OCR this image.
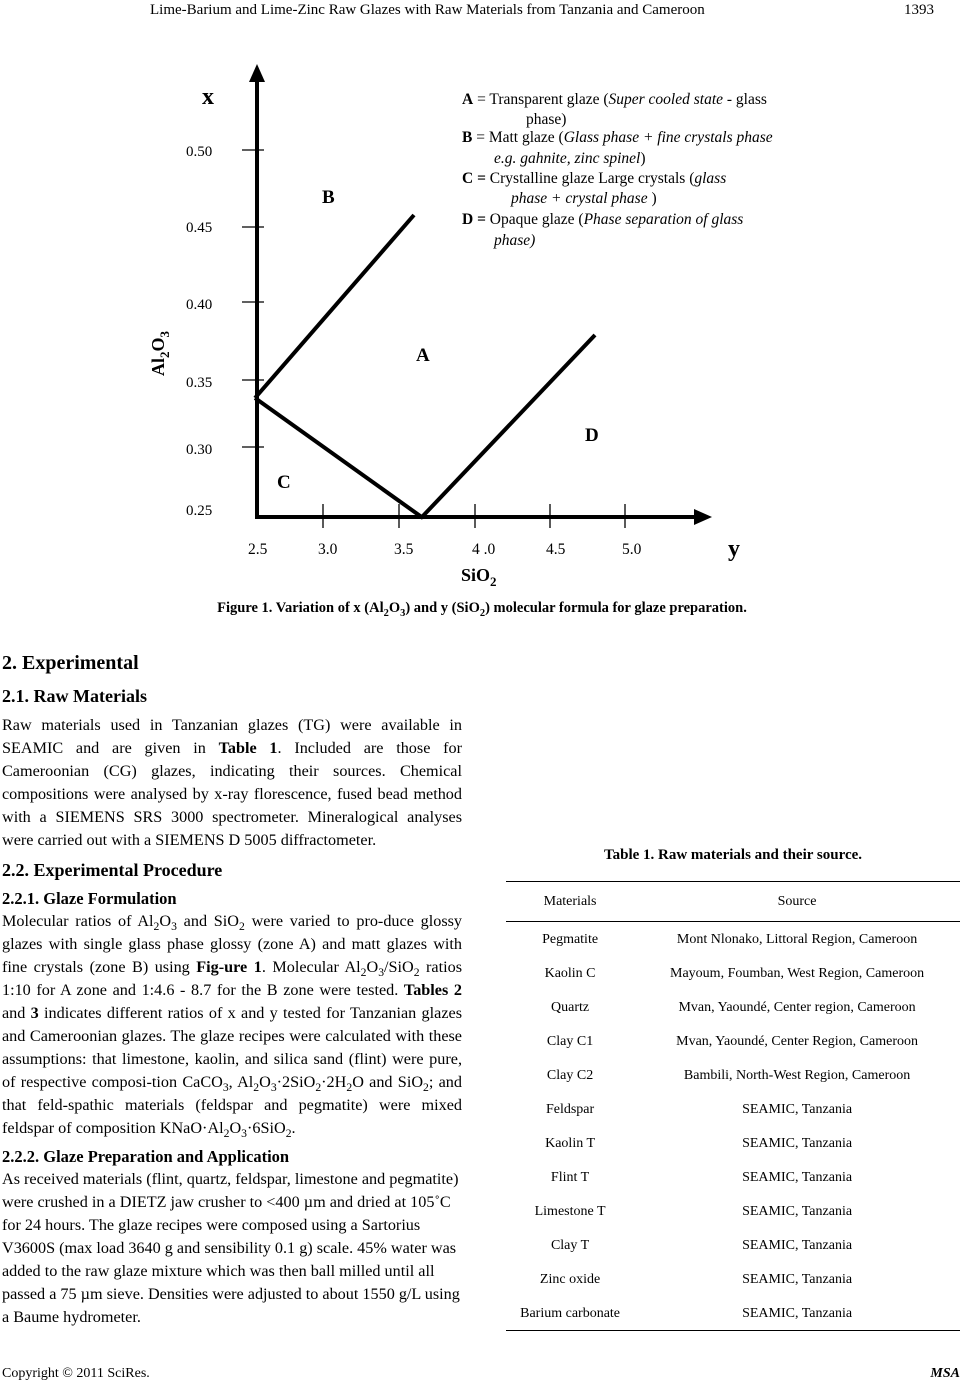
Lime-Barium and Lime-Zinc Raw Glazes with Raw Materials from Tanzania and Cameroon	1393
0.50
0.45
0.40
0.35
0.30
0.25
2.5	3.0	3.5	4 .0	4.5	5.0
x
y
$Al_2O_3$
SiO$_2$
B
A
D
C
A = Transparent glaze (Super cooled state - glass
phase)
B = Matt glaze (Glass phase + fine crystals phase
e.g. gahnite, zinc spinel)
C = Crystalline glaze Large crystals (glass
phase + crystal phase )
D = Opaque glaze (Phase separation of glass
phase)
Figure 1. Variation of x $(Al_2O_3)$ and y (SiO$_2$) molecular formula for glaze preparation.
2. Experimental
2.1. Raw Materials

Raw materials used in Tanzanian glazes (TG) were available in SEAMIC and are given in Table 1. Included are those for Cameroonian (CG) glazes, indicating their sources. Chemical compositions were analysed by x-ray florescence, fused bead method with a SIEMENS SRS 3000 spectrometer. Mineralogical analyses were carried out with a SIEMENS D 5005 diffractometer.

2.2. Experimental Procedure
2.2.1. Glaze Formulation

Molecular ratios of $Al_2O_3$ and SiO$_2$ were varied to pro-duce glossy glazes with single glass phase glossy (zone A) and matt glazes with fine crystals (zone B) using Fig-ure 1. Molecular $Al_2O_3/SiO_2$ ratios 1:10 for A zone and 1:4.6 - 8.7 for the B zone were tested. Tables 2 and 3 indicates different ratios of x and y tested for Tanzanian glazes and Cameroonian glazes. The glaze recipes were calculated with these assumptions: that limestone, kaolin, and silica sand (flint) were pure, of respective composi-tion CaCO$_3$, $Al_2O_3\cdot 2SiO_2\cdot 2H_2O$ and SiO$_2$; and that feld-spathic materials (feldspar and pegmatite) were mixed feldspar of composition $KNaO\cdot Al_2O_3\cdot 6SiO_2$.

2.2.2. Glaze Preparation and Application

As received materials (flint, quartz, feldspar, limestone and pegmatite) were crushed in a DIETZ jaw crusher to <400 µm and dried at 105˚C for 24 hours. The glaze recipes were composed using a Sartorius V3600S (max load 3640 g and sensibility 0.1 g) scale. 45% water was added to the raw glaze mixture which was then ball milled until all passed a 75 µm sieve. Densities were adjusted to about 1550 g/L using a Baume hydrometer.

Table 1. Raw materials and their source.
Materials	Source
Pegmatite	Mont Nlonako, Littoral Region, Cameroon
Kaolin C	Mayoum, Foumban, West Region, Cameroon
Quartz	Mvan, Yaoundé, Center region, Cameroon
Clay C1	Mvan, Yaoundé, Center Region, Cameroon
Clay C2	Bambili, North-West Region, Cameroon
Feldspar	SEAMIC, Tanzania
Kaolin T	SEAMIC, Tanzania
Flint T	SEAMIC, Tanzania
Limestone T	SEAMIC, Tanzania
Clay T	SEAMIC, Tanzania
Zinc oxide	SEAMIC, Tanzania
Barium carbonate	SEAMIC, Tanzania
Copyright © 2011 SciRes.	MSA
